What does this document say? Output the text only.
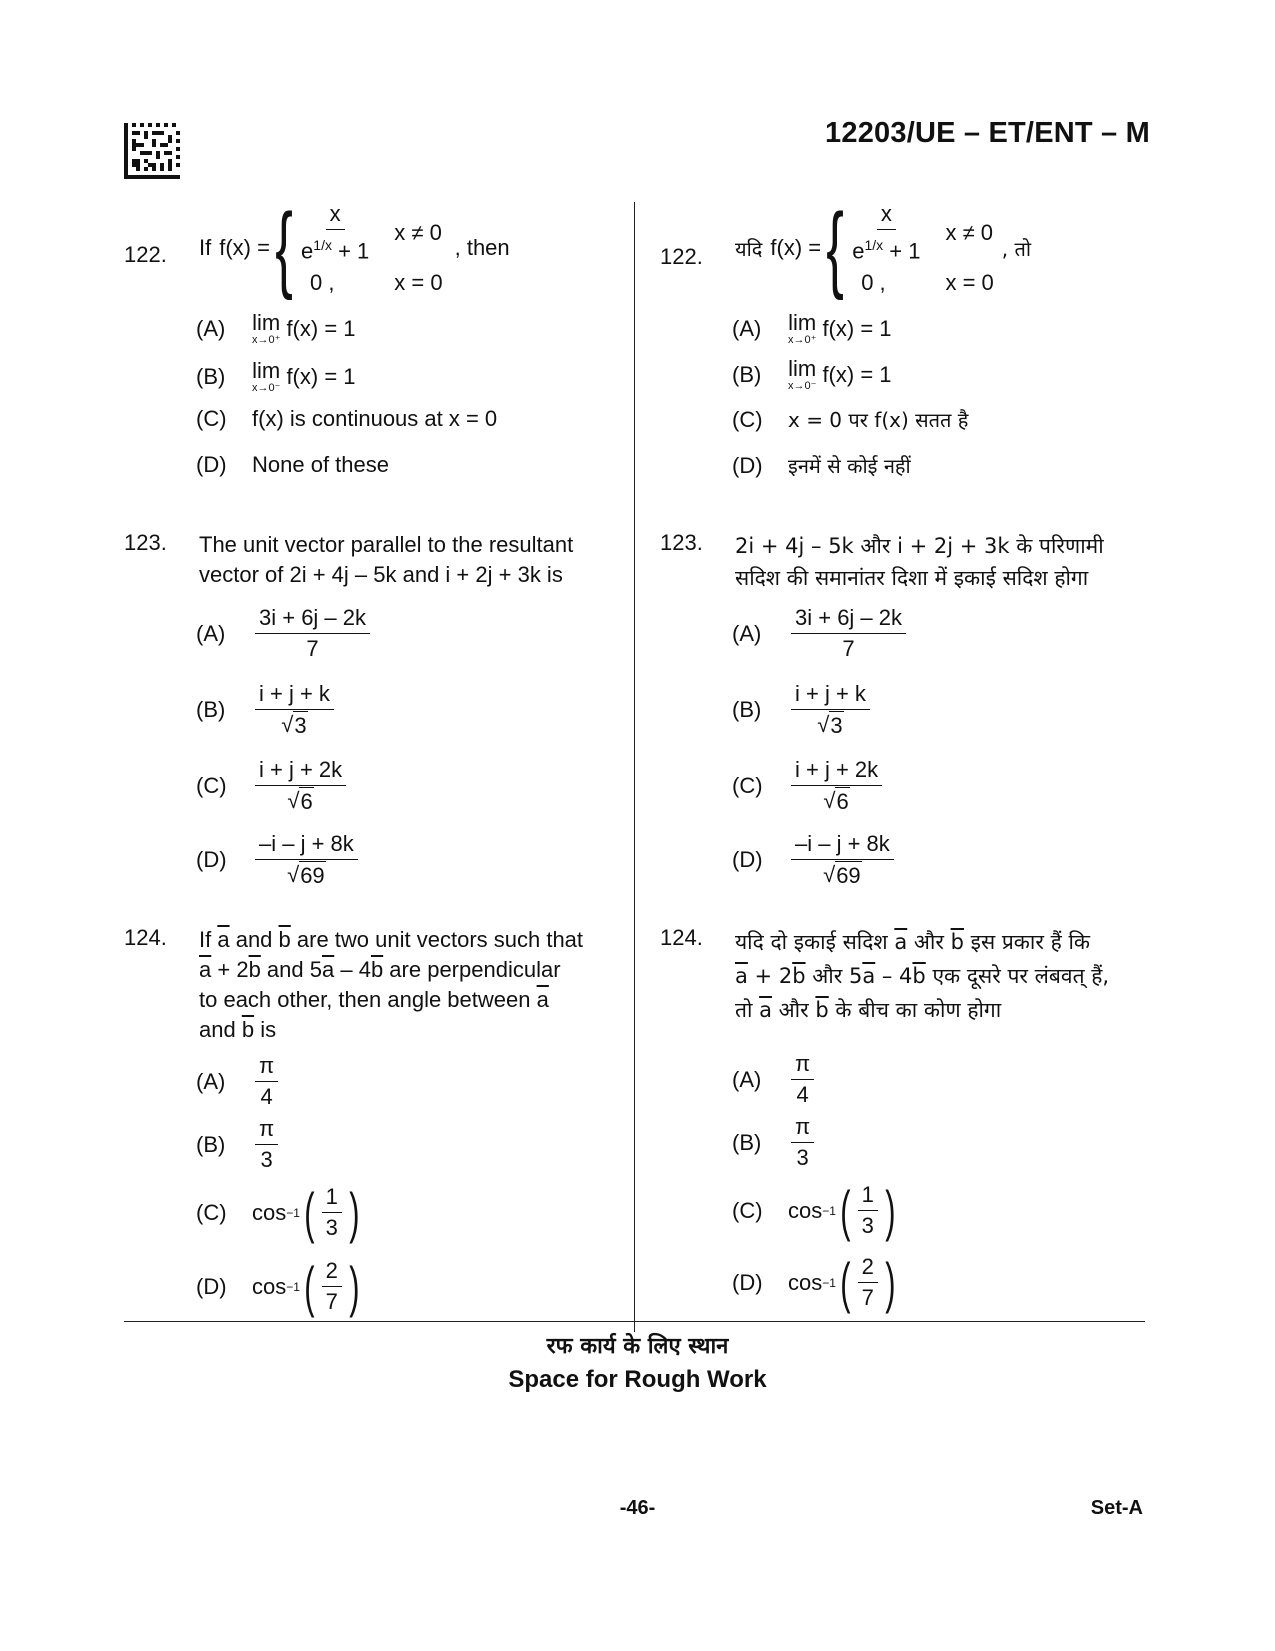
12203/UE – ET/ENT – M
122. If f(x) = { $\frac{x}{e^{1/x} + 1}$ x ≠ 0
0 ,	x = 0
, then
(A)	lim
x→0⁺ f(x) = 1
(B)	lim
x→0⁻ f(x) = 1
(C)	f(x) is continuous at x = 0
(D)	None of these
123. The unit vector parallel to the resultant vector of 2i + 4j – 5k and i + 2j + 3k is
(A)	$\frac{3i + 6j - 2k}{7}$
(B)	$\frac{i + j + k}{√ 3}$
(C)	$\frac{i + j + 2k}{√ 6}$
(D)	$\frac{-i - j + 8k}{√ 69}$
124. If $\overline{a}$ and $\overline{b}$ are two unit vectors such that
$\overline{a} + 2\overline{b}$ and $5\overline{a} - 4\overline{b}$ are perpendicular
to each other, then angle between $\overline{a}$
and $\overline{b}$ is
(A)	$\frac{\pi}{4}$
(B)	$\frac{\pi}{3}$
(C)	cos −1 ( $\frac{1}{3}$ )
(D)	cos −1 ( $\frac{2}{7}$ )
122. यदि f(x) = { $\frac{x}{e^{1/x} + 1}$ x ≠ 0
0 ,	x = 0
, तो
(A)	lim
x→0⁺ f(x) = 1
(B)	lim
x→0⁻ f(x) = 1
(C)	x = 0 पर f(x) सतत है
(D)	इनमें से कोई नहीं
123. 2i + 4j – 5k और i + 2j + 3k के परिणामी सदिश की समानांतर दिशा में इकाई सदिश होगा
(A)	$\frac{3i + 6j - 2k}{7}$
(B)	$\frac{i + j + k}{√ 3}$
(C)	$\frac{i + j + 2k}{√ 6}$
(D)	$\frac{-i - j + 8k}{√ 69}$
124. यदि दो इकाई सदिश $\overline{a}$ और $\overline{b}$ इस प्रकार हैं कि
$\overline{a} + 2\overline{b}$ और $5\overline{a} - 4\overline{b}$ एक दूसरे पर लंबवत् हैं,
तो $\overline{a}$ और $\overline{b}$ के बीच का कोण होगा
(A)	$\frac{\pi}{4}$
(B)	$\frac{\pi}{3}$
(C)	cos −1 ( $\frac{1}{3}$ )
(D)	cos −1 ( $\frac{2}{7}$ )
रफ कार्य के लिए स्थान
Space for Rough Work
-46-	Set-A
